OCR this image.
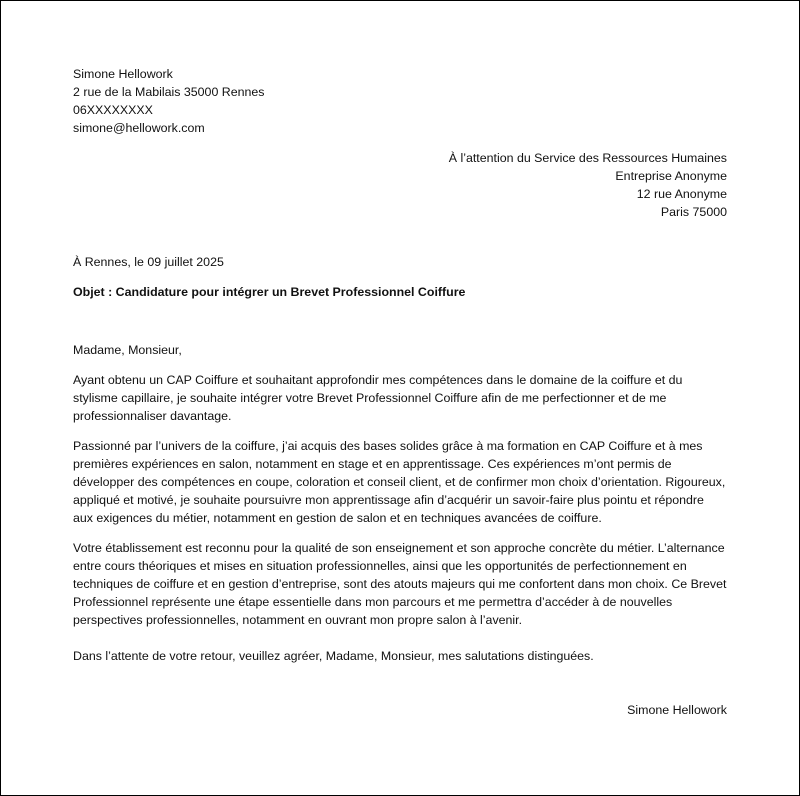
Simone Hellowork
2 rue de la Mabilais 35000 Rennes
06XXXXXXXX
simone@hellowork.com
À l’attention du Service des Ressources Humaines
Entreprise Anonyme
12 rue Anonyme
Paris 75000
À Rennes, le 09 juillet 2025
Objet : Candidature pour intégrer un Brevet Professionnel Coiffure
Madame, Monsieur,

Ayant obtenu un CAP Coiffure et souhaitant approfondir mes compétences dans le domaine de la coiffure et du stylisme capillaire, je souhaite intégrer votre Brevet Professionnel Coiffure afin de me perfectionner et de me professionnaliser davantage.

Passionné par l’univers de la coiffure, j’ai acquis des bases solides grâce à ma formation en CAP Coiffure et à mes premières expériences en salon, notamment en stage et en apprentissage. Ces expériences m’ont permis de développer des compétences en coupe, coloration et conseil client, et de confirmer mon choix d’orientation. Rigoureux, appliqué et motivé, je souhaite poursuivre mon apprentissage afin d’acquérir un savoir-faire plus pointu et répondre aux exigences du métier, notamment en gestion de salon et en techniques avancées de coiffure.

Votre établissement est reconnu pour la qualité de son enseignement et son approche concrète du métier. L’alternance entre cours théoriques et mises en situation professionnelles, ainsi que les opportunités de perfectionnement en techniques de coiffure et en gestion d’entreprise, sont des atouts majeurs qui me confortent dans mon choix. Ce Brevet Professionnel représente une étape essentielle dans mon parcours et me permettra d’accéder à de nouvelles perspectives professionnelles, notamment en ouvrant mon propre salon à l’avenir.

Dans l’attente de votre retour, veuillez agréer, Madame, Monsieur, mes salutations distinguées.

Simone Hellowork
